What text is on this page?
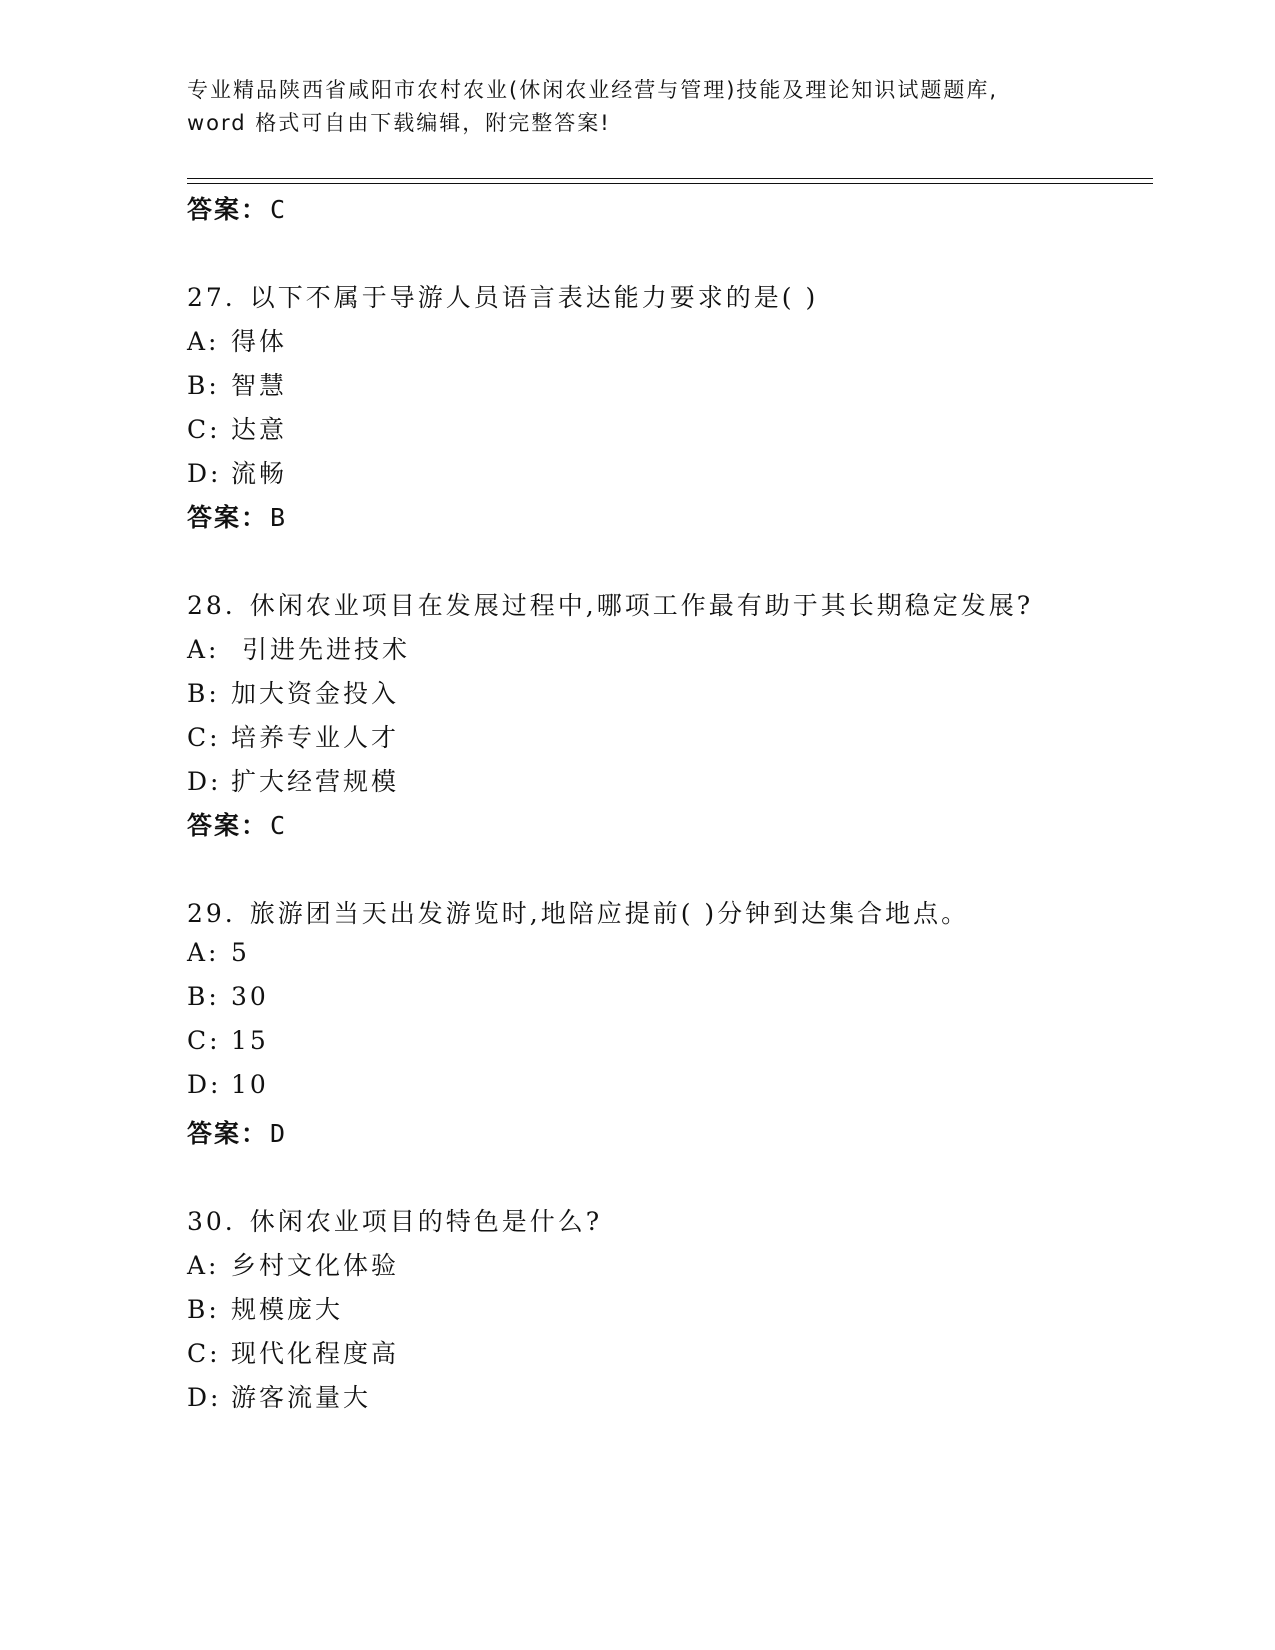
专业精品陕西省咸阳市农村农业(休闲农业经营与管理)技能及理论知识试题题库,
word 格式可自由下载编辑，附完整答案!
答案：C
27. 以下不属于导游人员语言表达能力要求的是( )
A: 得体
B: 智慧
C: 达意
D: 流畅
答案：B
28. 休闲农业项目在发展过程中,哪项工作最有助于其长期稳定发展?
A: 引进先进技术
B: 加大资金投入
C: 培养专业人才
D: 扩大经营规模
答案：C
29. 旅游团当天出发游览时,地陪应提前( )分钟到达集合地点。
A: 5
B: 30
C: 15
D: 10
答案：D
30. 休闲农业项目的特色是什么?
A: 乡村文化体验
B: 规模庞大
C: 现代化程度高
D: 游客流量大
